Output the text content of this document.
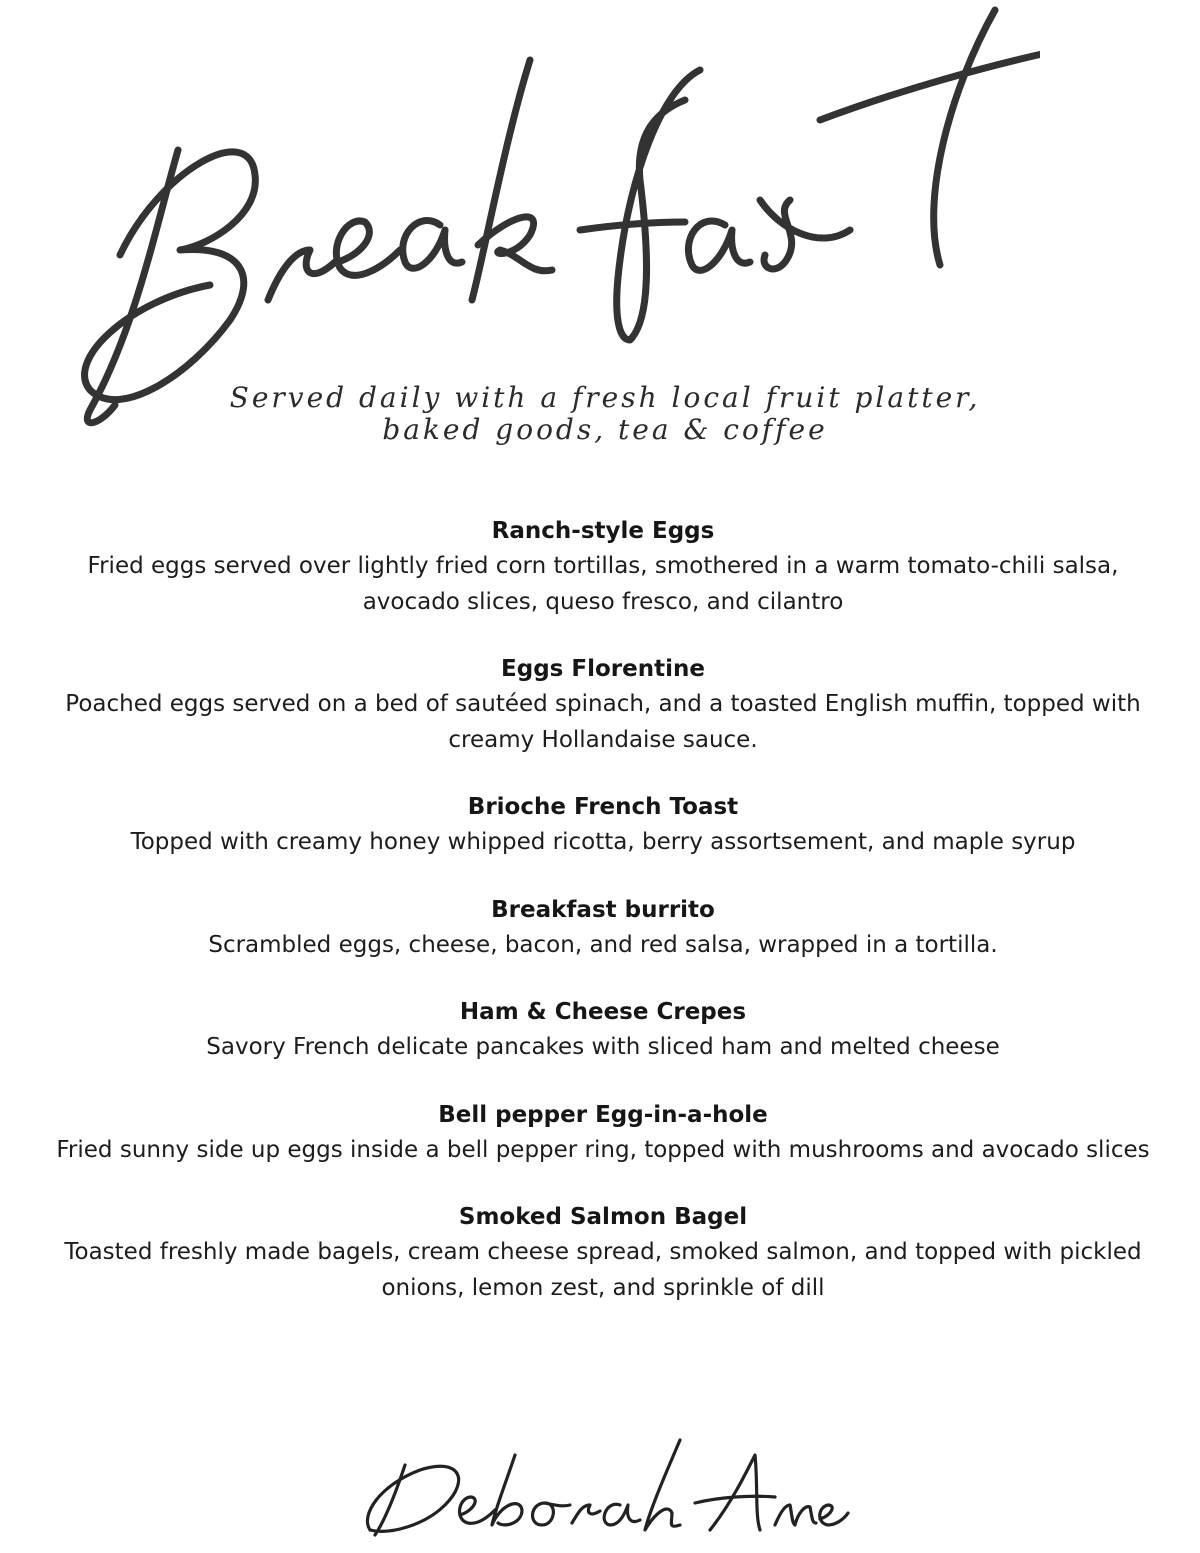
Served daily with a fresh local fruit platter,
baked goods, tea & coffee

Ranch-style Eggs

Fried eggs served over lightly fried corn tortillas, smothered in a warm tomato-chili salsa, avocado slices, queso fresco, and cilantro

Eggs Florentine

Poached eggs served on a bed of sautéed spinach, and a toasted English muffin, topped with creamy Hollandaise sauce.

Brioche French Toast

Topped with creamy honey whipped ricotta, berry assortsement, and maple syrup

Breakfast burrito

Scrambled eggs, cheese, bacon, and red salsa, wrapped in a tortilla.

Ham & Cheese Crepes

Savory French delicate pancakes with sliced ham and melted cheese

Bell pepper Egg-in-a-hole

Fried sunny side up eggs inside a bell pepper ring, topped with mushrooms and avocado slices

Smoked Salmon Bagel

Toasted freshly made bagels, cream cheese spread, smoked salmon, and topped with pickled onions, lemon zest, and sprinkle of dill
